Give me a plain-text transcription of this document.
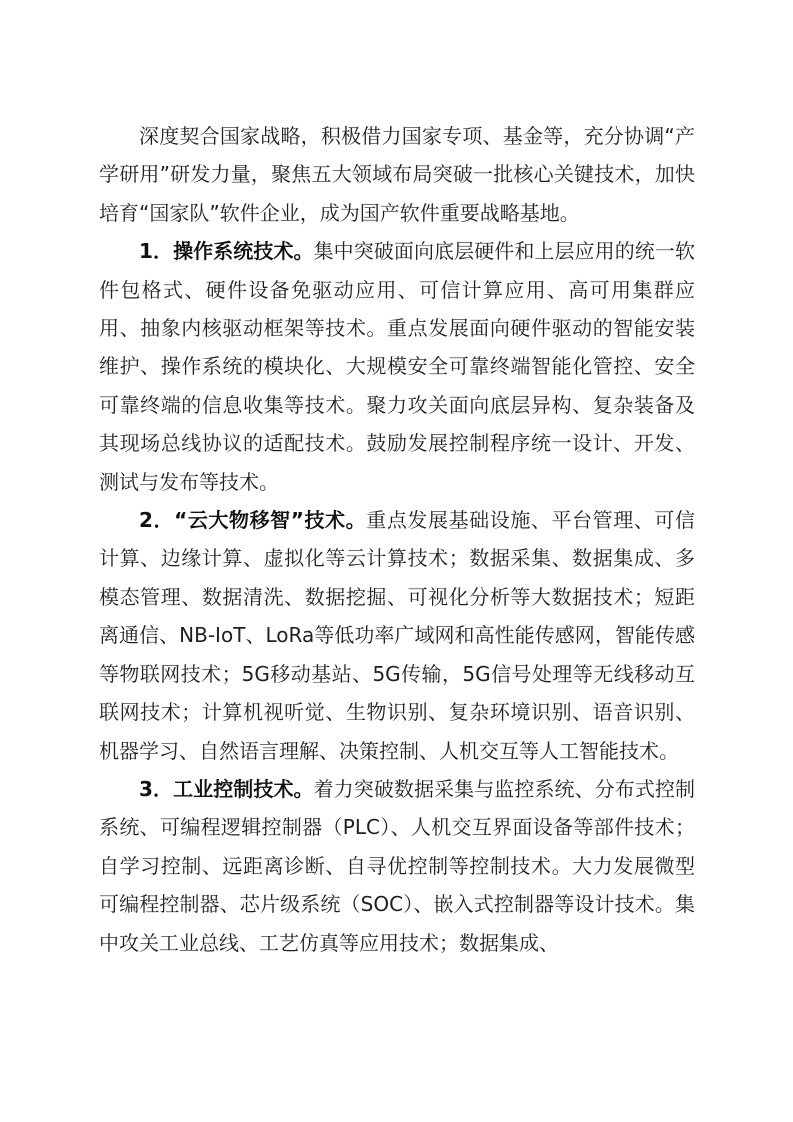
深度契合国家战略，积极借力国家专项、基金等，充分协调“产学研用”研发力量，聚焦五大领域布局突破一批核心关键技术，加快培育“国家队”软件企业，成为国产软件重要战略基地。

1．操作系统技术。集中突破面向底层硬件和上层应用的统一软件包格式、硬件设备免驱动应用、可信计算应用、高可用集群应用、抽象内核驱动框架等技术。重点发展面向硬件驱动的智能安装维护、操作系统的模块化、大规模安全可靠终端智能化管控、安全可靠终端的信息收集等技术。聚力攻关面向底层异构、复杂装备及其现场总线协议的适配技术。鼓励发展控制程序统一设计、开发、测试与发布等技术。

2．“云大物移智”技术。重点发展基础设施、平台管理、可信计算、边缘计算、虚拟化等云计算技术；数据采集、数据集成、多模态管理、数据清洗、数据挖掘、可视化分析等大数据技术；短距离通信、NB-IoT、LoRa等低功率广域网和高性能传感网，智能传感等物联网技术；5G移动基站、5G传输，5G信号处理等无线移动互联网技术；计算机视听觉、生物识别、复杂环境识别、语音识别、机器学习、自然语言理解、决策控制、人机交互等人工智能技术。

3．工业控制技术。着力突破数据采集与监控系统、分布式控制系统、可编程逻辑控制器（PLC）、人机交互界面设备等部件技术；自学习控制、远距离诊断、自寻优控制等控制技术。大力发展微型可编程控制器、芯片级系统（SOC）、嵌入式控制器等设计技术。集中攻关工业总线、工艺仿真等应用技术；数据集成、
